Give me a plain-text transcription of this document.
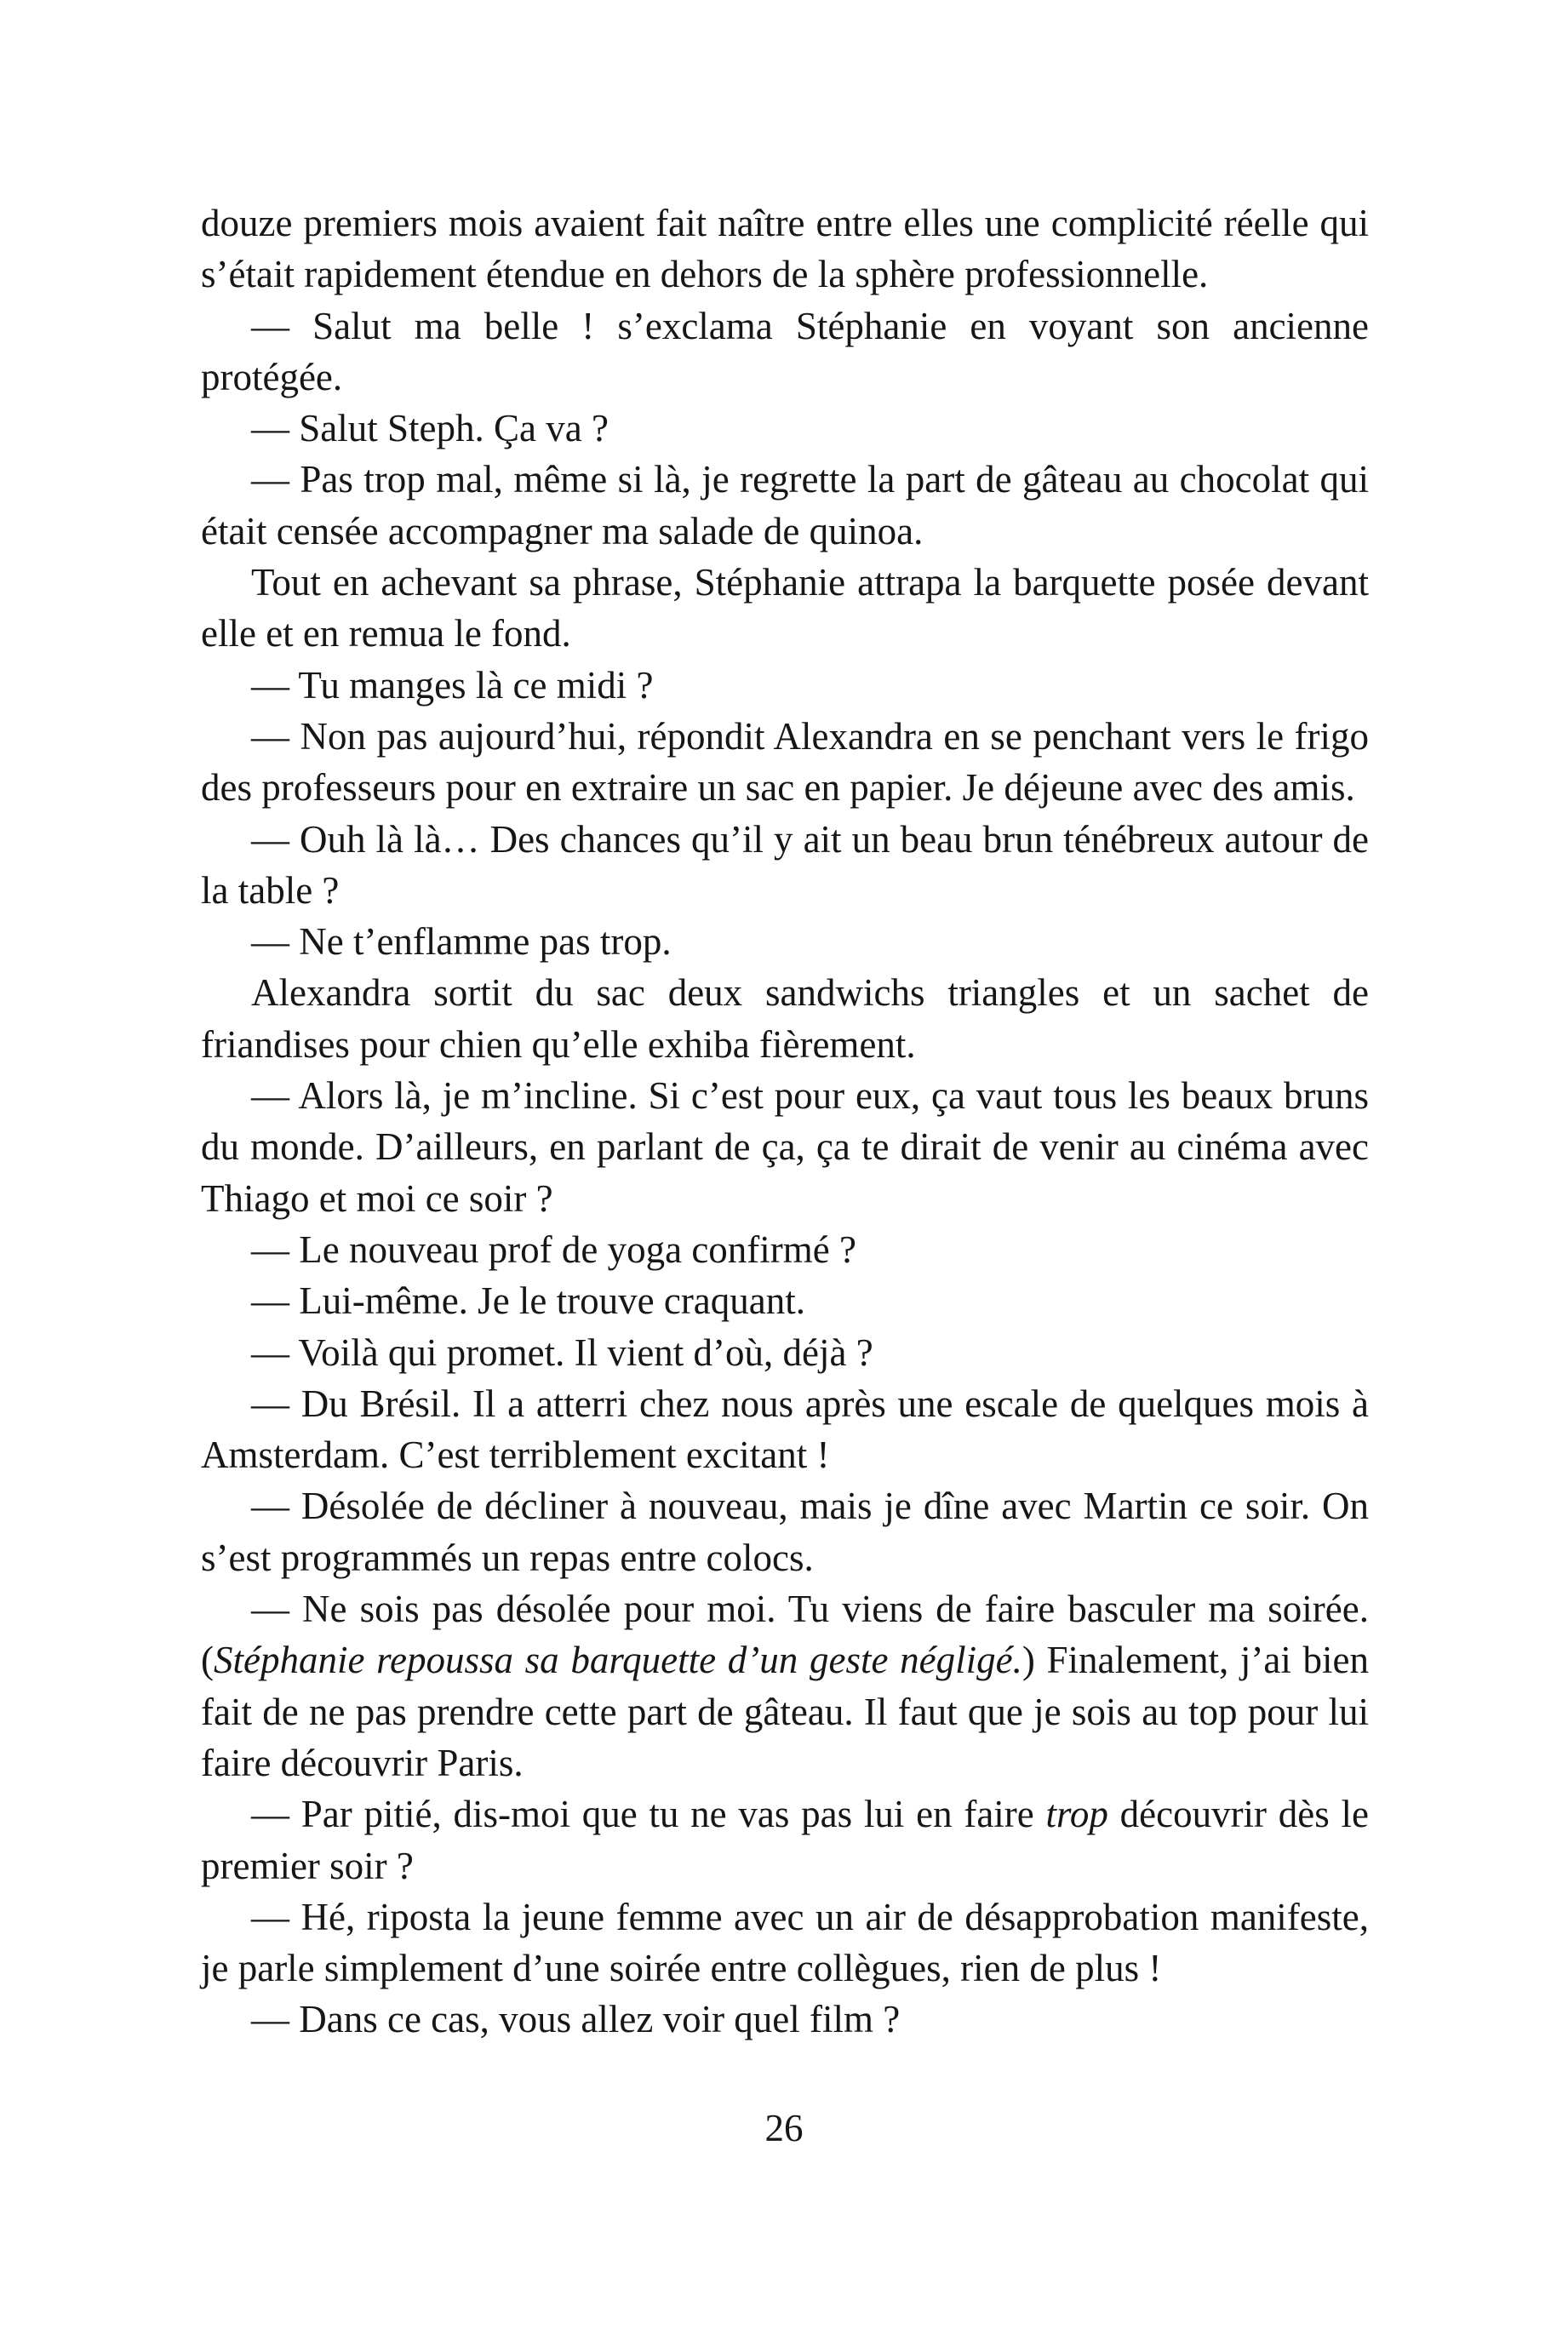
douze premiers mois avaient fait naître entre elles une complicité réelle qui s’était rapidement étendue en dehors de la sphère professionnelle.

— Salut ma belle ! s’exclama Stéphanie en voyant son ancienne protégée.

— Salut Steph. Ça va ?

— Pas trop mal, même si là, je regrette la part de gâteau au chocolat qui était censée accompagner ma salade de quinoa.

Tout en achevant sa phrase, Stéphanie attrapa la barquette posée devant elle et en remua le fond.

— Tu manges là ce midi ?

— Non pas aujourd’hui, répondit Alexandra en se penchant vers le frigo des professeurs pour en extraire un sac en papier. Je déjeune avec des amis.

— Ouh là là… Des chances qu’il y ait un beau brun ténébreux autour de la table ?

— Ne t’enflamme pas trop.

Alexandra sortit du sac deux sandwichs triangles et un sachet de friandises pour chien qu’elle exhiba fièrement.

— Alors là, je m’incline. Si c’est pour eux, ça vaut tous les beaux bruns du monde. D’ailleurs, en parlant de ça, ça te dirait de venir au cinéma avec Thiago et moi ce soir ?

— Le nouveau prof de yoga confirmé ?

— Lui-même. Je le trouve craquant.

— Voilà qui promet. Il vient d’où, déjà ?

— Du Brésil. Il a atterri chez nous après une escale de quelques mois à Amsterdam. C’est terriblement excitant !

— Désolée de décliner à nouveau, mais je dîne avec Martin ce soir. On s’est programmés un repas entre colocs.

— Ne sois pas désolée pour moi. Tu viens de faire basculer ma soirée. (Stéphanie repoussa sa barquette d’un geste négligé.) Finalement, j’ai bien fait de ne pas prendre cette part de gâteau. Il faut que je sois au top pour lui faire découvrir Paris.

— Par pitié, dis-moi que tu ne vas pas lui en faire trop découvrir dès le premier soir ?

— Hé, riposta la jeune femme avec un air de désapprobation manifeste, je parle simplement d’une soirée entre collègues, rien de plus !

— Dans ce cas, vous allez voir quel film ?

26
